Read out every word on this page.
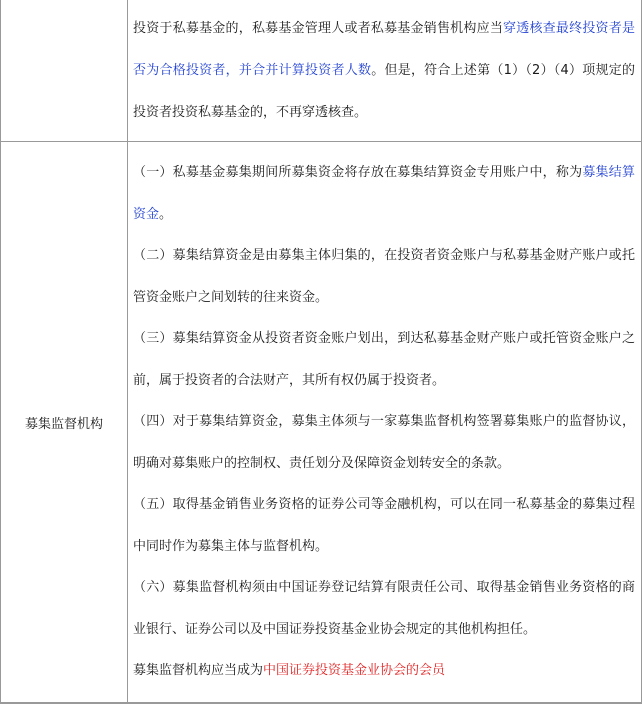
投资于私募基金的，私募基金管理人或者私募基金销售机构应当穿透核查最终投资者是否为合格投资者，并合并计算投资者人数。但是，符合上述第（1）（2）（4）项规定的投资者投资私募基金的，不再穿透核查。

募集监督机构

（一）私募基金募集期间所募集资金将存放在募集结算资金专用账户中，称为募集结算资金。

（二）募集结算资金是由募集主体归集的，在投资者资金账户与私募基金财产账户或托管资金账户之间划转的往来资金。

（三）募集结算资金从投资者资金账户划出，到达私募基金财产账户或托管资金账户之前，属于投资者的合法财产，其所有权仍属于投资者。

（四）对于募集结算资金，募集主体须与一家募集监督机构签署募集账户的监督协议，明确对募集账户的控制权、责任划分及保障资金划转安全的条款。

（五）取得基金销售业务资格的证券公司等金融机构，可以在同一私募基金的募集过程中同时作为募集主体与监督机构。

（六）募集监督机构须由中国证券登记结算有限责任公司、取得基金销售业务资格的商业银行、证券公司以及中国证券投资基金业协会规定的其他机构担任。

募集监督机构应当成为中国证券投资基金业协会的会员
